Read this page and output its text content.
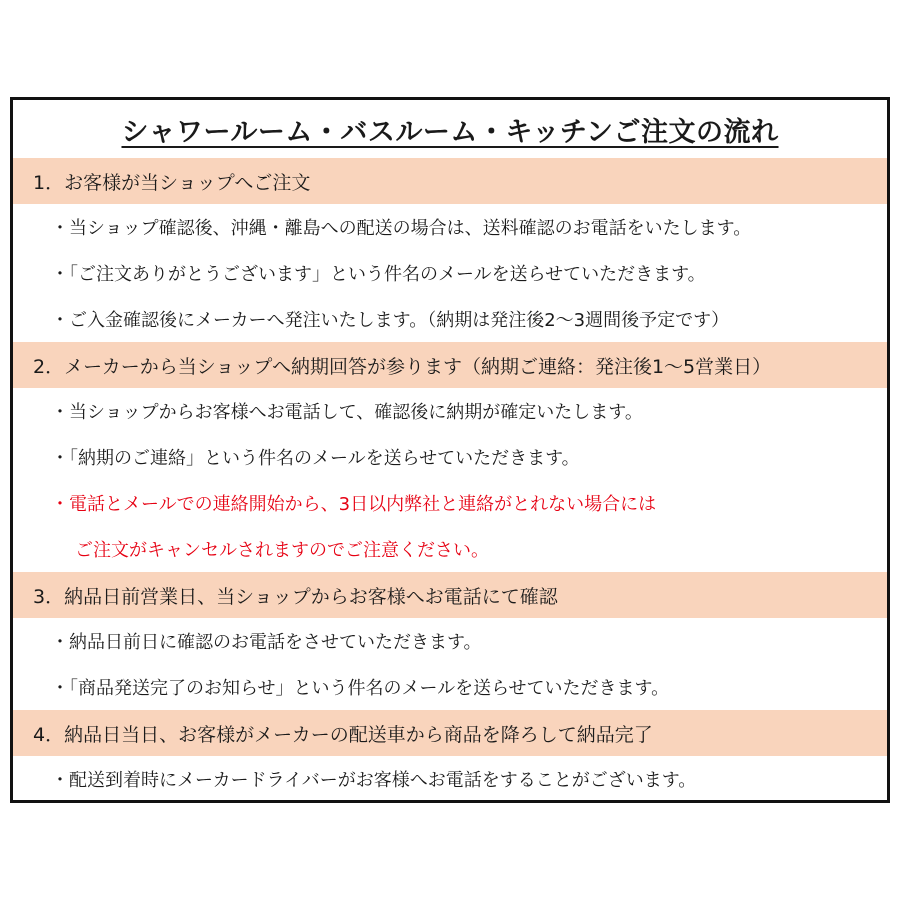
シャワールーム・バスルーム・キッチンご注文の流れ
1．お客様が当ショップへご注文
・当ショップ確認後、沖縄・離島への配送の場合は、送料確認のお電話をいたします。
・「ご注文ありがとうございます」という件名のメールを送らせていただきます。
・ご入金確認後にメーカーへ発注いたします。（納期は発注後2～3週間後予定です）
2．メーカーから当ショップへ納期回答が参ります（納期ご連絡：発注後1～5営業日）
・当ショップからお客様へお電話して、確認後に納期が確定いたします。
・「納期のご連絡」という件名のメールを送らせていただきます。
・電話とメールでの連絡開始から、3日以内弊社と連絡がとれない場合には
ご注文がキャンセルされますのでご注意ください。
3．納品日前営業日、当ショップからお客様へお電話にて確認
・納品日前日に確認のお電話をさせていただきます。
・「商品発送完了のお知らせ」という件名のメールを送らせていただきます。
4．納品日当日、お客様がメーカーの配送車から商品を降ろして納品完了
・配送到着時にメーカードライバーがお客様へお電話をすることがございます。
